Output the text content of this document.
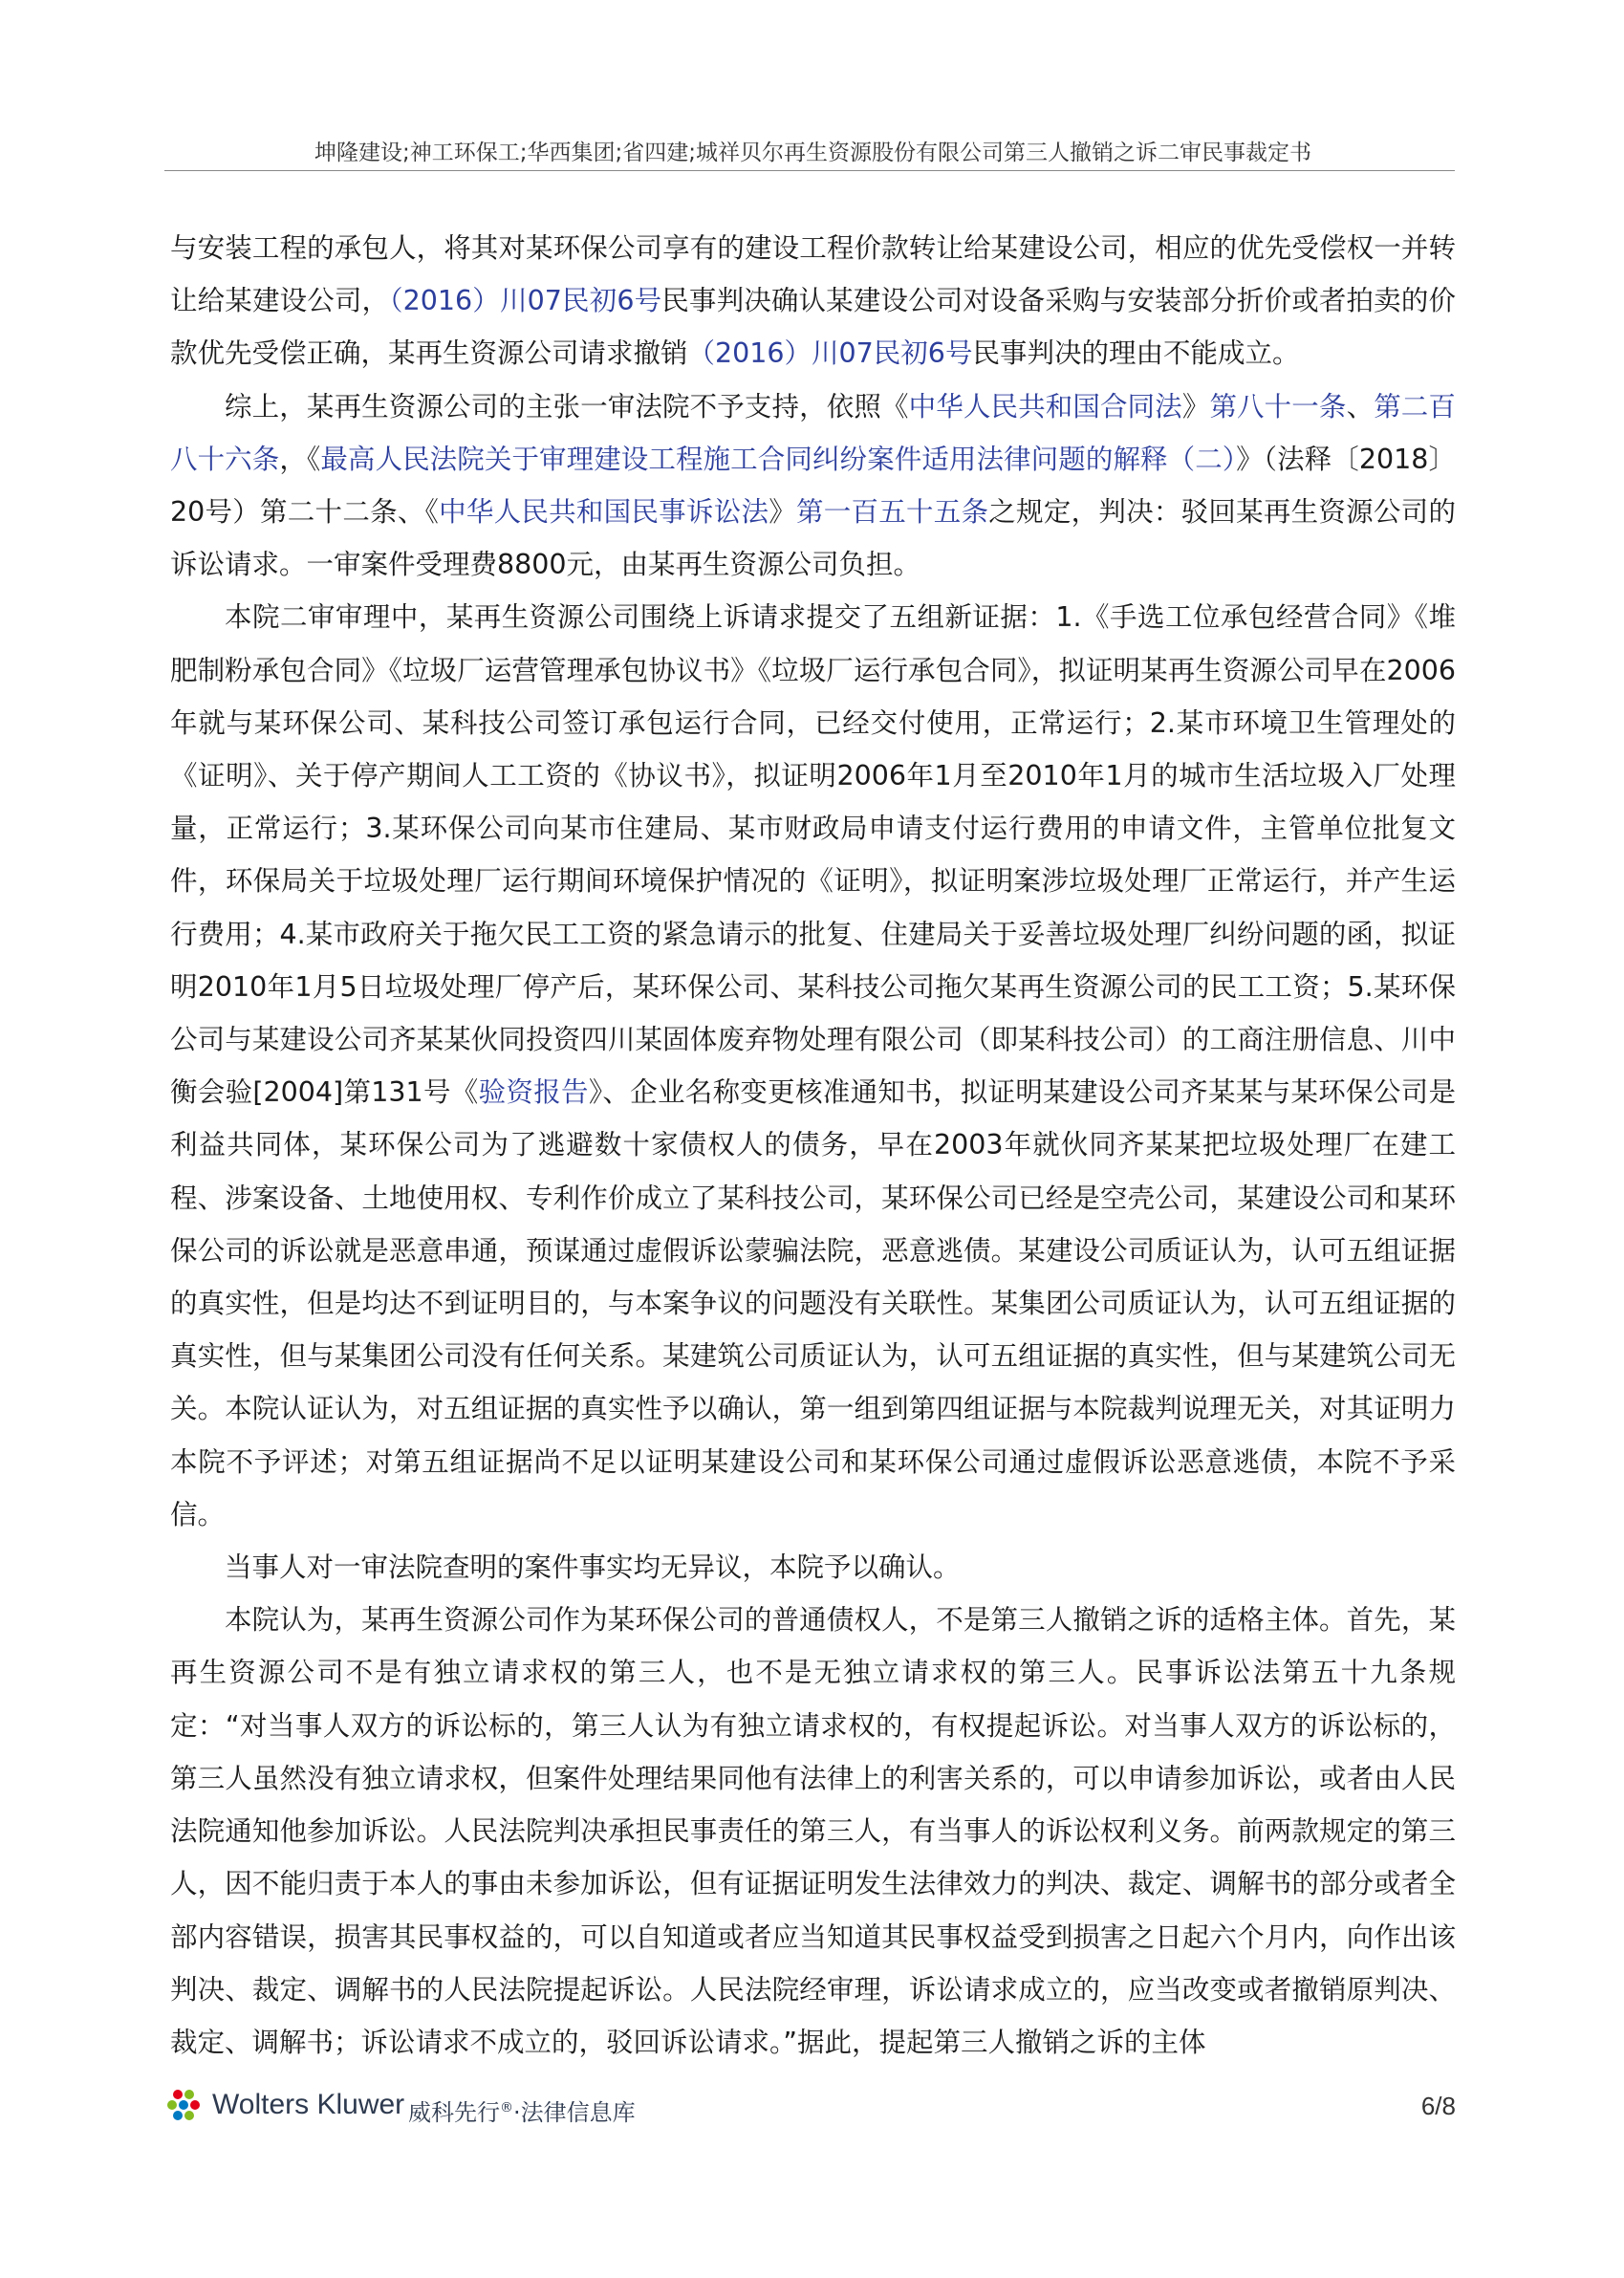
坤隆建设;神工环保工;华西集团;省四建;城祥贝尔再生资源股份有限公司第三人撤销之诉二审民事裁定书

与安装工程的承包人，将其对某环保公司享有的建设工程价款转让给某建设公司，相应的优先受偿权一并转让给某建设公司，（2016）川07民初6号民事判决确认某建设公司对设备采购与安装部分折价或者拍卖的价款优先受偿正确，某再生资源公司请求撤销（2016）川07民初6号民事判决的理由不能成立。

综上，某再生资源公司的主张一审法院不予支持，依照《中华人民共和国合同法》第八十一条、第二百八十六条，《最高人民法院关于审理建设工程施工合同纠纷案件适用法律问题的解释（二）》（法释〔2018〕20号）第二十二条、《中华人民共和国民事诉讼法》第一百五十五条之规定，判决：驳回某再生资源公司的诉讼请求。一审案件受理费8800元，由某再生资源公司负担。

本院二审审理中，某再生资源公司围绕上诉请求提交了五组新证据：1.《手选工位承包经营合同》《堆肥制粉承包合同》《垃圾厂运营管理承包协议书》《垃圾厂运行承包合同》，拟证明某再生资源公司早在2006年就与某环保公司、某科技公司签订承包运行合同，已经交付使用，正常运行；2.某市环境卫生管理处的《证明》、关于停产期间人工工资的《协议书》，拟证明2006年1月至2010年1月的城市生活垃圾入厂处理量，正常运行；3.某环保公司向某市住建局、某市财政局申请支付运行费用的申请文件，主管单位批复文件，环保局关于垃圾处理厂运行期间环境保护情况的《证明》，拟证明案涉垃圾处理厂正常运行，并产生运行费用；4.某市政府关于拖欠民工工资的紧急请示的批复、住建局关于妥善垃圾处理厂纠纷问题的函，拟证明2010年1月5日垃圾处理厂停产后，某环保公司、某科技公司拖欠某再生资源公司的民工工资；5.某环保公司与某建设公司齐某某伙同投资四川某固体废弃物处理有限公司（即某科技公司）的工商注册信息、川中衡会验[2004]第131号《验资报告》、企业名称变更核准通知书，拟证明某建设公司齐某某与某环保公司是利益共同体，某环保公司为了逃避数十家债权人的债务，早在2003年就伙同齐某某把垃圾处理厂在建工程、涉案设备、土地使用权、专利作价成立了某科技公司，某环保公司已经是空壳公司，某建设公司和某环保公司的诉讼就是恶意串通，预谋通过虚假诉讼蒙骗法院，恶意逃债。某建设公司质证认为，认可五组证据的真实性，但是均达不到证明目的，与本案争议的问题没有关联性。某集团公司质证认为，认可五组证据的真实性，但与某集团公司没有任何关系。某建筑公司质证认为，认可五组证据的真实性，但与某建筑公司无关。本院认证认为，对五组证据的真实性予以确认，第一组到第四组证据与本院裁判说理无关，对其证明力本院不予评述；对第五组证据尚不足以证明某建设公司和某环保公司通过虚假诉讼恶意逃债，本院不予采信。

当事人对一审法院查明的案件事实均无异议，本院予以确认。

本院认为，某再生资源公司作为某环保公司的普通债权人，不是第三人撤销之诉的适格主体。首先，某再生资源公司不是有独立请求权的第三人，也不是无独立请求权的第三人。民事诉讼法第五十九条规定：“对当事人双方的诉讼标的，第三人认为有独立请求权的，有权提起诉讼。对当事人双方的诉讼标的，第三人虽然没有独立请求权，但案件处理结果同他有法律上的利害关系的，可以申请参加诉讼，或者由人民法院通知他参加诉讼。人民法院判决承担民事责任的第三人，有当事人的诉讼权利义务。前两款规定的第三人，因不能归责于本人的事由未参加诉讼，但有证据证明发生法律效力的判决、裁定、调解书的部分或者全部内容错误，损害其民事权益的，可以自知道或者应当知道其民事权益受到损害之日起六个月内，向作出该判决、裁定、调解书的人民法院提起诉讼。人民法院经审理，诉讼请求成立的，应当改变或者撤销原判决、裁定、调解书；诉讼请求不成立的，驳回诉讼请求。”据此，提起第三人撤销之诉的主体

Wolters Kluwer 威科先行®·法律信息库	6/8
